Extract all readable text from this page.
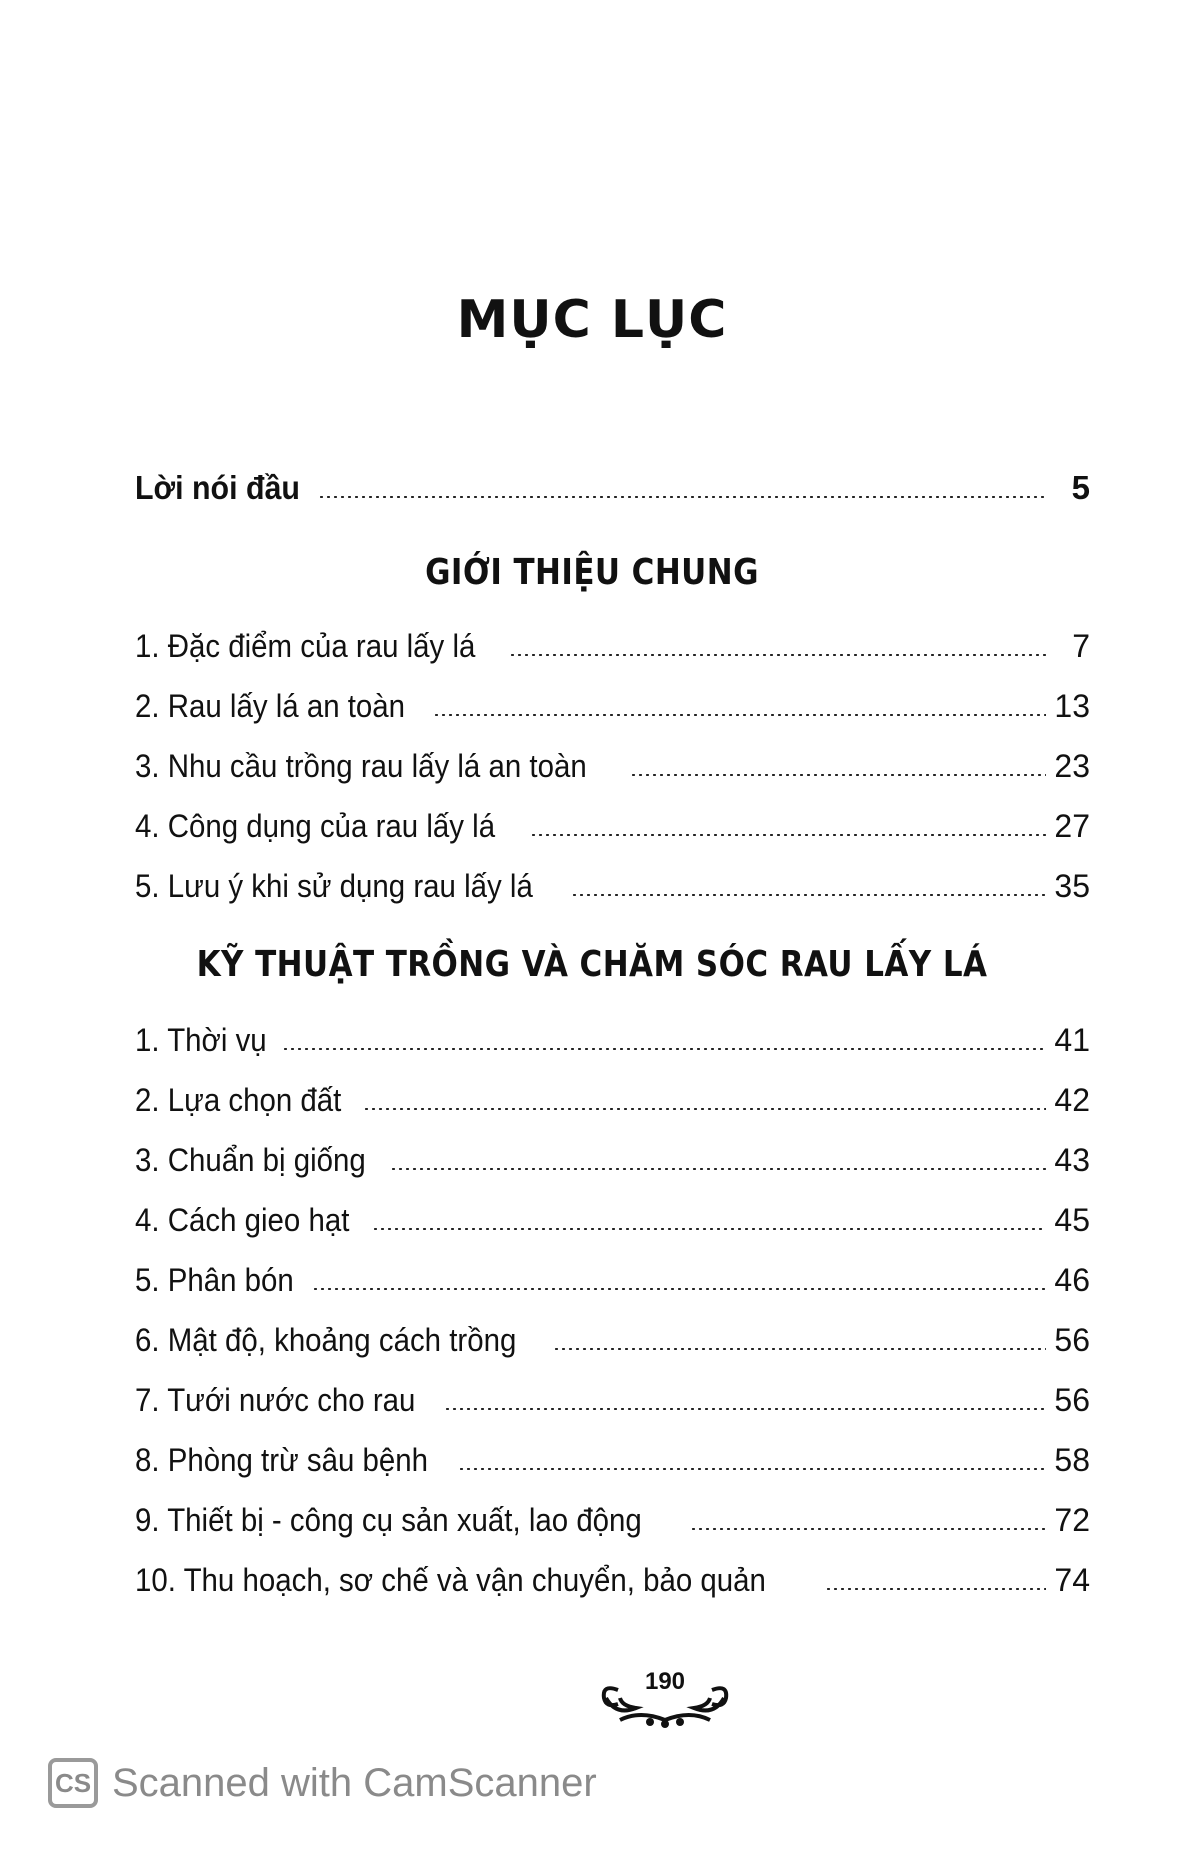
MỤC LỤC
Lời nói đầu	5
GIỚI THIỆU CHUNG
1. Đặc điểm của rau lấy lá	7
2. Rau lấy lá an toàn	13
3. Nhu cầu trồng rau lấy lá an toàn	23
4. Công dụng của rau lấy lá	27
5. Lưu ý khi sử dụng rau lấy lá	35
KỸ THUẬT TRỒNG VÀ CHĂM SÓC RAU LẤY LÁ
1. Thời vụ	41
2. Lựa chọn đất	42
3. Chuẩn bị giống	43
4. Cách gieo hạt	45
5. Phân bón	46
6. Mật độ, khoảng cách trồng	56
7. Tưới nước cho rau	56
8. Phòng trừ sâu bệnh	58
9. Thiết bị - công cụ sản xuất, lao động	72
10. Thu hoạch, sơ chế và vận chuyển, bảo quản	74
190
CS Scanned with CamScanner
